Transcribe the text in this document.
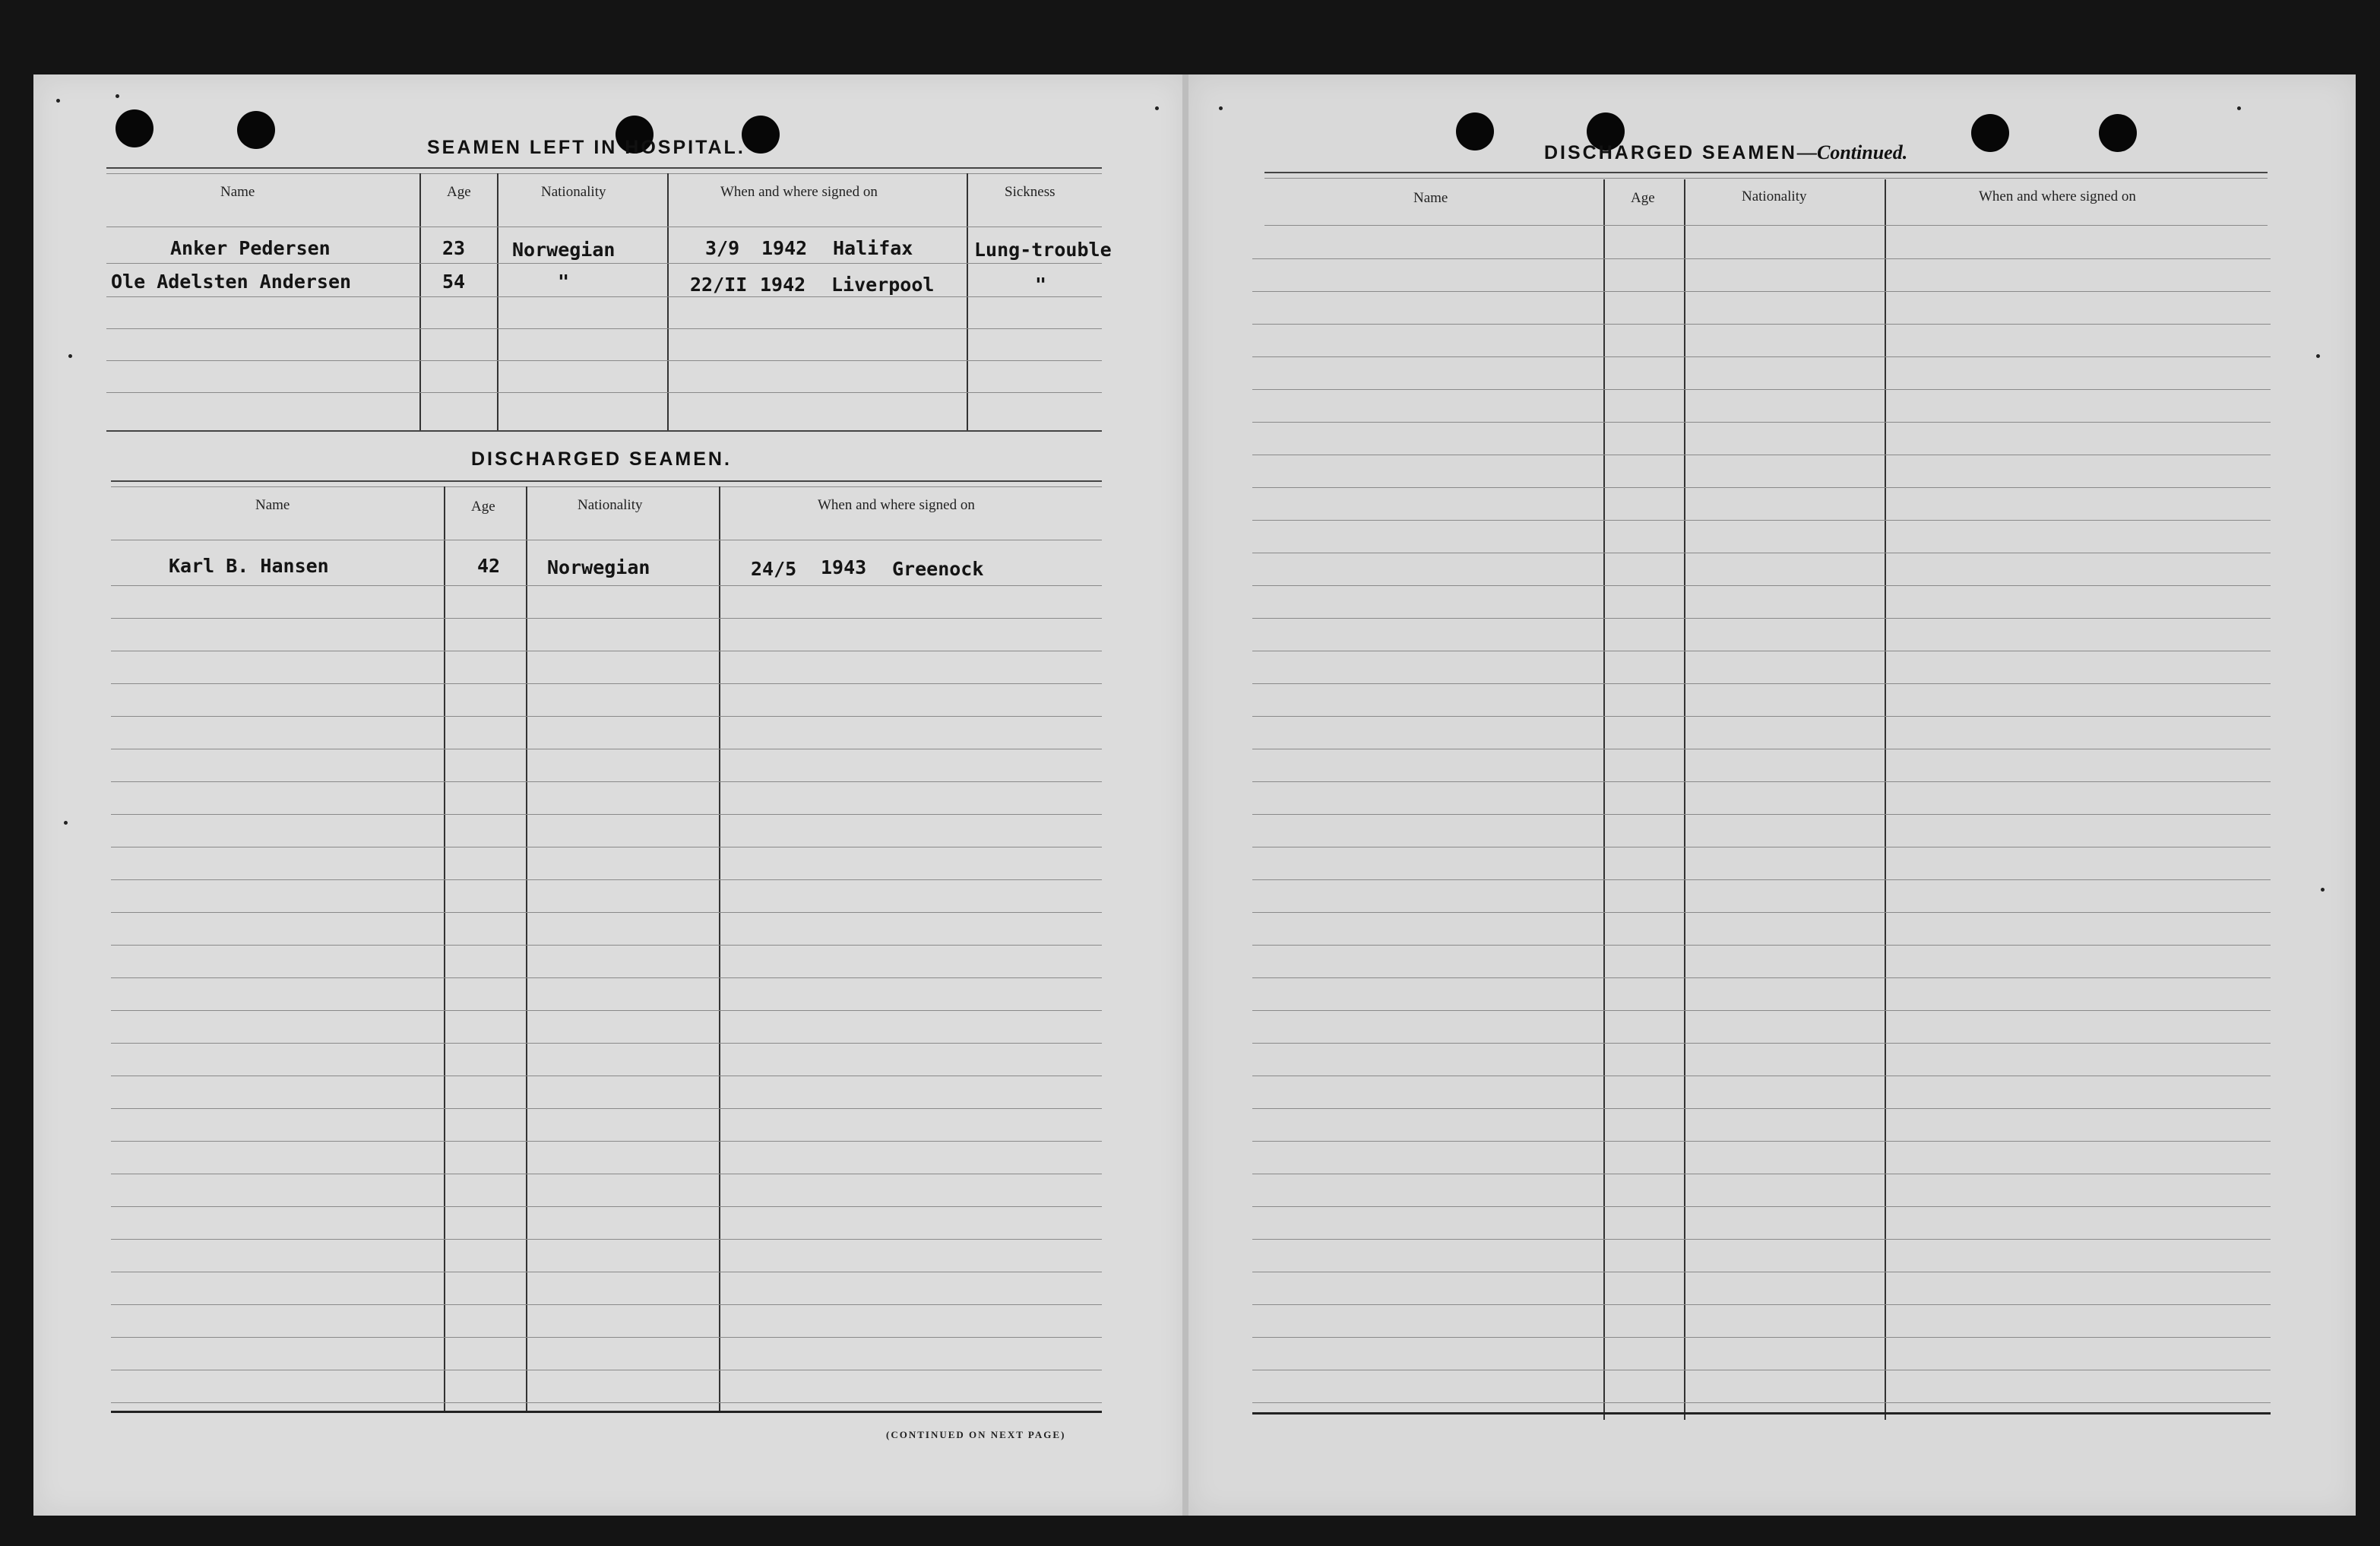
SEAMEN LEFT IN HOSPITAL.
Name	Age	Nationality	When and where signed on	Sickness
Anker Pedersen	23 Norwegian	3/9 1942 Halifax	Lung-trouble
Ole Adelsten Andersen	54	"	22/II 1942 Liverpool	"
DISCHARGED SEAMEN.
Name	Age	Nationality	When and where signed on
Karl B. Hansen	42 Norwegian	24/5 1943 Greenock
(CONTINUED ON NEXT PAGE)
DISCHARGED SEAMEN—Continued.
Name	Age	Nationality	When and where signed on
